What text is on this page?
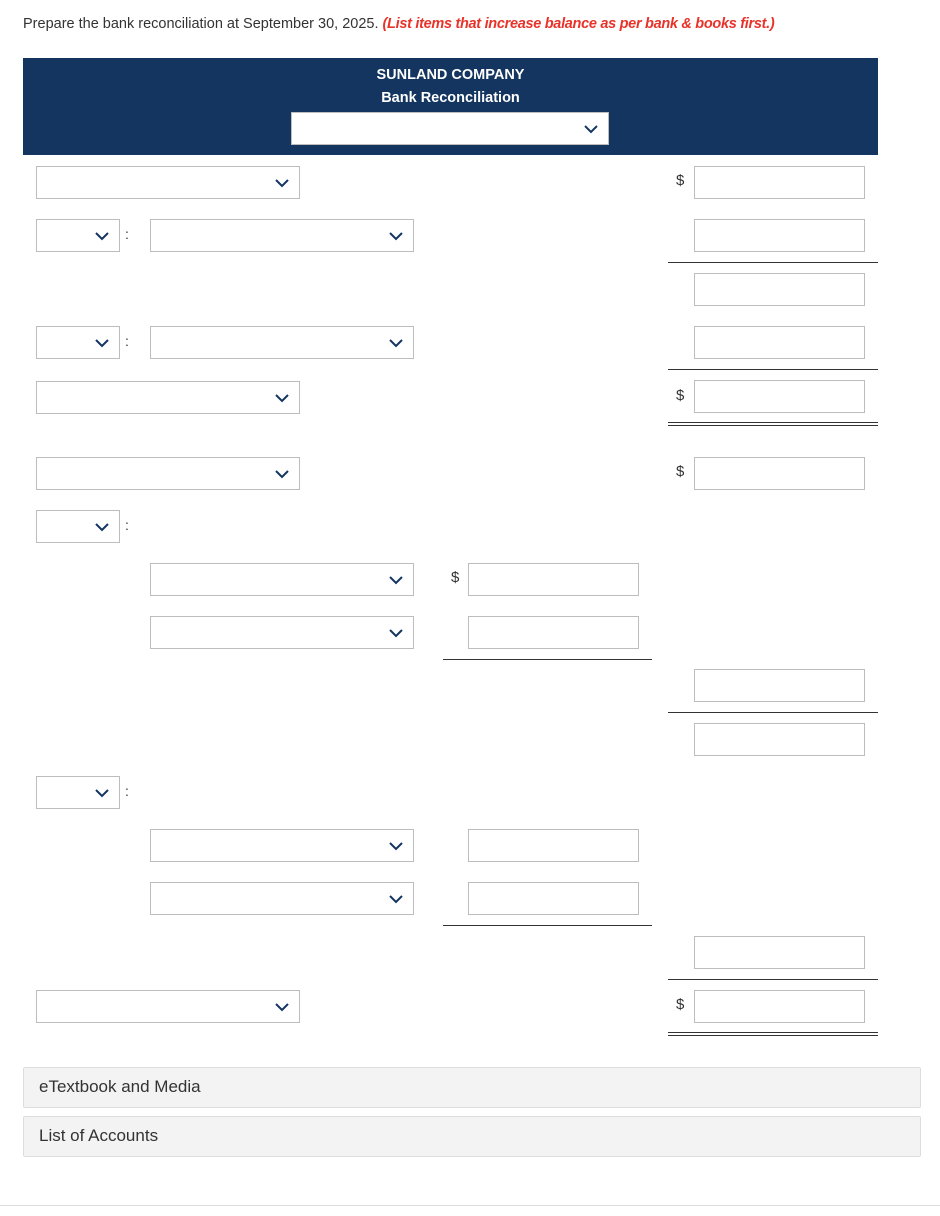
Prepare the bank reconciliation at September 30, 2025. (List items that increase balance as per bank & books first.)
SUNLAND COMPANY
Bank Reconciliation
$
:
:
$
$
:
$
:
$
eTextbook and Media
List of Accounts
